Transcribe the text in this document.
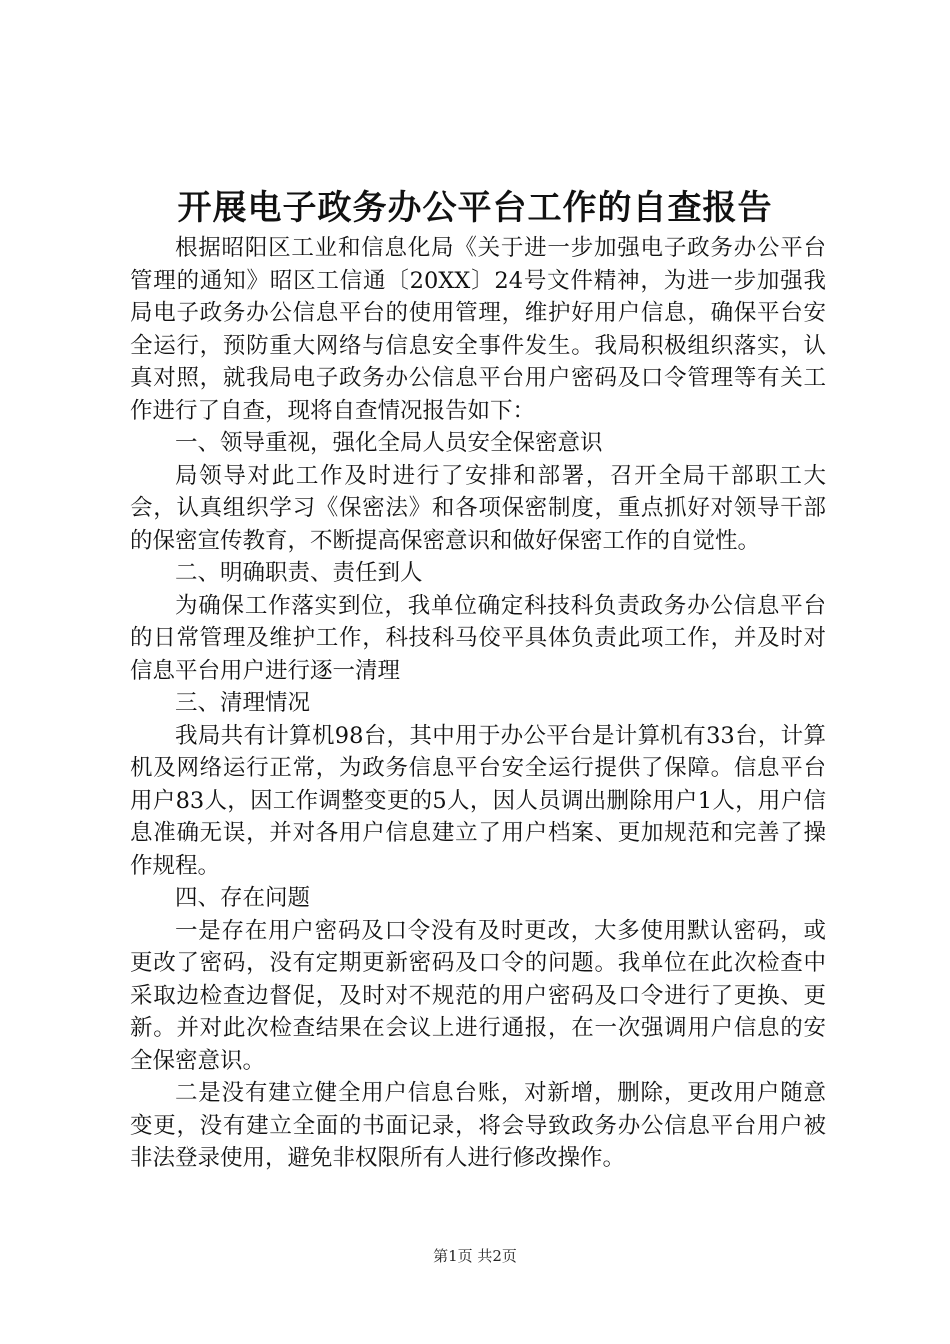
开展电子政务办公平台工作的自查报告

根据昭阳区工业和信息化局《关于进一步加强电子政务办公平台管理的通知》昭区工信通〔20XX〕24号文件精神，为进一步加强我局电子政务办公信息平台的使用管理，维护好用户信息，确保平台安全运行，预防重大网络与信息安全事件发生。我局积极组织落实，认真对照，就我局电子政务办公信息平台用户密码及口令管理等有关工作进行了自查，现将自查情况报告如下：

一、领导重视，强化全局人员安全保密意识

局领导对此工作及时进行了安排和部署，召开全局干部职工大会，认真组织学习《保密法》和各项保密制度，重点抓好对领导干部的保密宣传教育，不断提高保密意识和做好保密工作的自觉性。

二、明确职责、责任到人

为确保工作落实到位，我单位确定科技科负责政务办公信息平台的日常管理及维护工作，科技科马佼平具体负责此项工作，并及时对信息平台用户进行逐一清理

三、清理情况

我局共有计算机98台，其中用于办公平台是计算机有33台，计算机及网络运行正常，为政务信息平台安全运行提供了保障。信息平台用户83人，因工作调整变更的5人，因人员调出删除用户1人，用户信息准确无误，并对各用户信息建立了用户档案、更加规范和完善了操作规程。

四、存在问题

一是存在用户密码及口令没有及时更改，大多使用默认密码，或更改了密码，没有定期更新密码及口令的问题。我单位在此次检查中采取边检查边督促，及时对不规范的用户密码及口令进行了更换、更新。并对此次检查结果在会议上进行通报，在一次强调用户信息的安全保密意识。

二是没有建立健全用户信息台账，对新增，删除，更改用户随意变更，没有建立全面的书面记录，将会导致政务办公信息平台用户被非法登录使用，避免非权限所有人进行修改操作。

第1页 共2页
